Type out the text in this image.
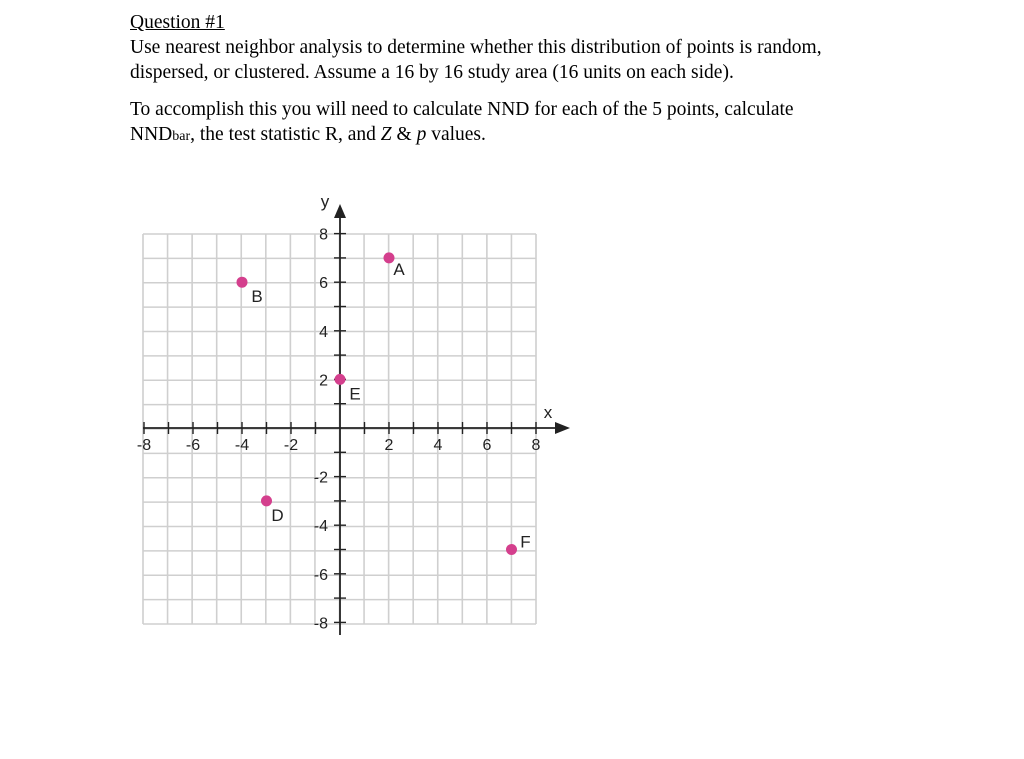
Question #1
Use nearest neighbor analysis to determine whether this distribution of points is random,
dispersed, or clustered. Assume a 16 by 16 study area (16 units on each side).
To accomplish this you will need to calculate NND for each of the 5 points, calculate
NNDbar, the test statistic R, and Z & p values.
x
y
-8 -6 -4 -2	2	4	6	8
8
6
4
2
-2
-4
-6
-8
A
B
E
D
F
